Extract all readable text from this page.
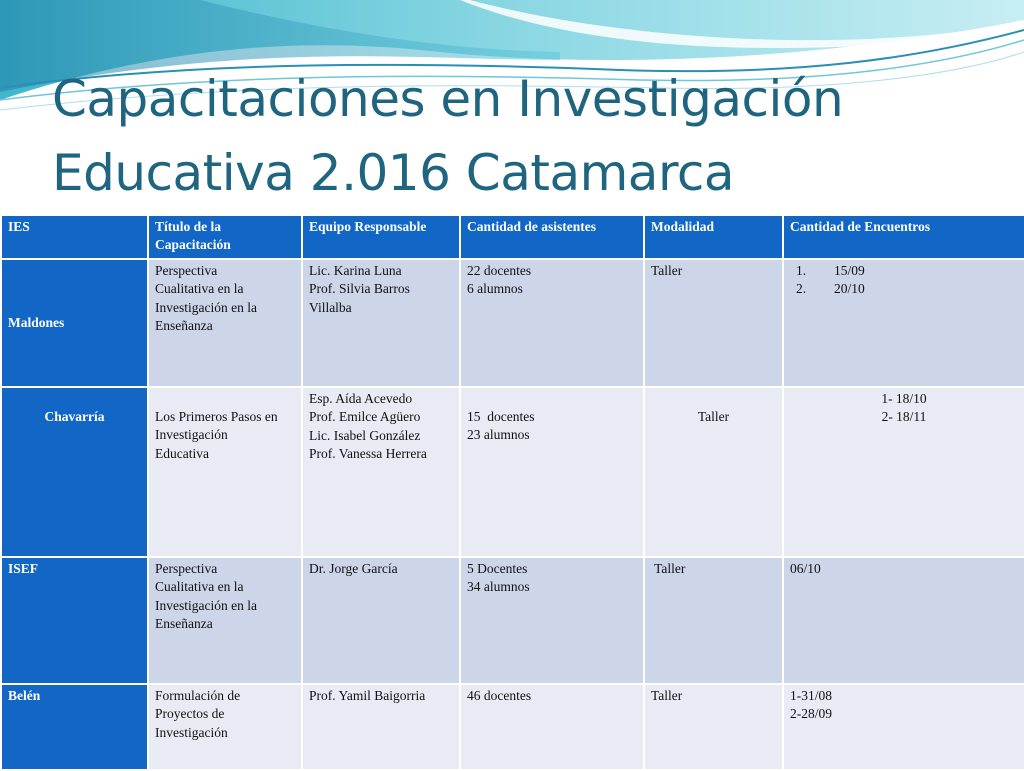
Capacitaciones en Investigación
Educativa 2.016 Catamarca
IES	Título de la
Capacitación	Equipo Responsable	Cantidad de asistentes	Modalidad	Cantidad de Encuentros
Maldones	Perspectiva
Cualitativa en la
Investigación en la
Enseñanza	Lic. Karina Luna
Prof. Silvia Barros
Villalba	22 docentes
6 alumnos	Taller	1. 15/09
2. 20/10

Chavarría	Los Primeros Pasos en
Investigación
Educativa	Esp. Aída Acevedo
Prof. Emilce Agüero
Lic. Isabel González
Prof. Vanessa Herrera	15  docentes
23 alumnos	Taller	1- 18/10
2- 18/11

ISEF	Perspectiva
Cualitativa en la
Investigación en la
Enseñanza	Dr. Jorge García	5 Docentes
34 alumnos	Taller	06/10

Belén	Formulación de
Proyectos de
Investigación	Prof. Yamil Baigorria	46 docentes	Taller	1-31/08
2-28/09
